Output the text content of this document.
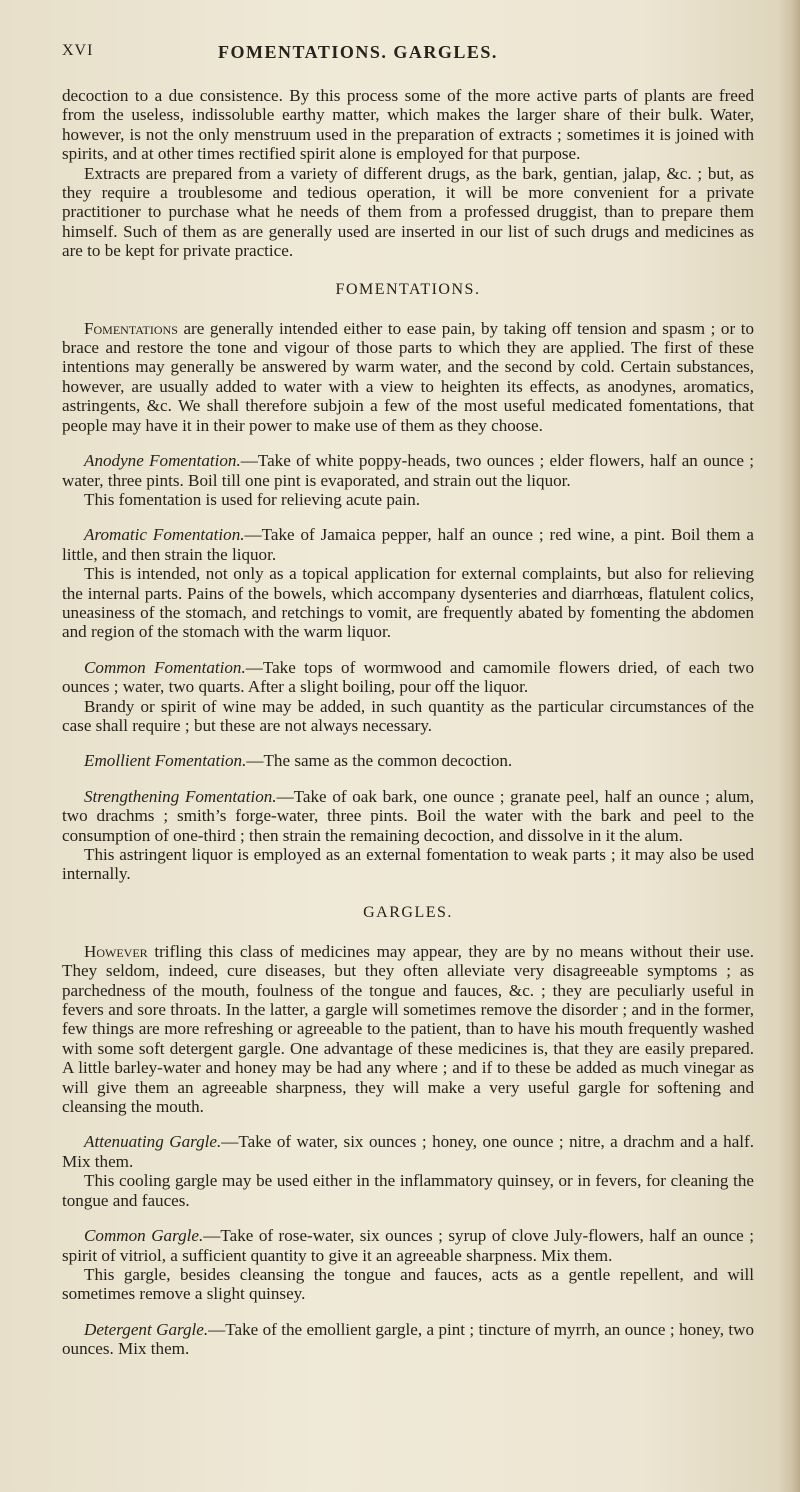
XVI	FOMENTATIONS. GARGLES.

decoction to a due consistence. By this process some of the more active parts of plants are freed from the useless, indissoluble earthy matter, which makes the larger share of their bulk. Water, however, is not the only menstruum used in the preparation of extracts ; sometimes it is joined with spirits, and at other times rectified spirit alone is employed for that purpose.

Extracts are prepared from a variety of different drugs, as the bark, gentian, jalap, &c. ; but, as they require a troublesome and tedious operation, it will be more convenient for a private practitioner to purchase what he needs of them from a professed druggist, than to prepare them himself. Such of them as are generally used are inserted in our list of such drugs and medicines as are to be kept for private practice.

FOMENTATIONS.

Fomentations are generally intended either to ease pain, by taking off tension and spasm ; or to brace and restore the tone and vigour of those parts to which they are applied. The first of these intentions may generally be answered by warm water, and the second by cold. Certain substances, however, are usually added to water with a view to heighten its effects, as anodynes, aromatics, astringents, &c. We shall therefore subjoin a few of the most useful medicated fomentations, that people may have it in their power to make use of them as they choose.

Anodyne Fomentation.—Take of white poppy-heads, two ounces ; elder flowers, half an ounce ; water, three pints. Boil till one pint is evaporated, and strain out the liquor.

This fomentation is used for relieving acute pain.

Aromatic Fomentation.—Take of Jamaica pepper, half an ounce ; red wine, a pint. Boil them a little, and then strain the liquor.

This is intended, not only as a topical application for external complaints, but also for relieving the internal parts. Pains of the bowels, which accompany dysenteries and diarrhœas, flatulent colics, uneasiness of the stomach, and retchings to vomit, are frequently abated by fomenting the abdomen and region of the stomach with the warm liquor.

Common Fomentation.—Take tops of wormwood and camomile flowers dried, of each two ounces ; water, two quarts. After a slight boiling, pour off the liquor.

Brandy or spirit of wine may be added, in such quantity as the particular circumstances of the case shall require ; but these are not always necessary.

Emollient Fomentation.—The same as the common decoction.

Strengthening Fomentation.—Take of oak bark, one ounce ; granate peel, half an ounce ; alum, two drachms ; smith’s forge-water, three pints. Boil the water with the bark and peel to the consumption of one-third ; then strain the remaining decoction, and dissolve in it the alum.

This astringent liquor is employed as an external fomentation to weak parts ; it may also be used internally.

GARGLES.

However trifling this class of medicines may appear, they are by no means without their use. They seldom, indeed, cure diseases, but they often alleviate very disagreeable symptoms ; as parchedness of the mouth, foulness of the tongue and fauces, &c. ; they are peculiarly useful in fevers and sore throats. In the latter, a gargle will sometimes remove the disorder ; and in the former, few things are more refreshing or agreeable to the patient, than to have his mouth frequently washed with some soft detergent gargle. One advantage of these medicines is, that they are easily prepared. A little barley-water and honey may be had any where ; and if to these be added as much vinegar as will give them an agreeable sharpness, they will make a very useful gargle for softening and cleansing the mouth.

Attenuating Gargle.—Take of water, six ounces ; honey, one ounce ; nitre, a drachm and a half. Mix them.

This cooling gargle may be used either in the inflammatory quinsey, or in fevers, for cleaning the tongue and fauces.

Common Gargle.—Take of rose-water, six ounces ; syrup of clove July-flowers, half an ounce ; spirit of vitriol, a sufficient quantity to give it an agreeable sharpness. Mix them.

This gargle, besides cleansing the tongue and fauces, acts as a gentle repellent, and will sometimes remove a slight quinsey.

Detergent Gargle.—Take of the emollient gargle, a pint ; tincture of myrrh, an ounce ; honey, two ounces. Mix them.
